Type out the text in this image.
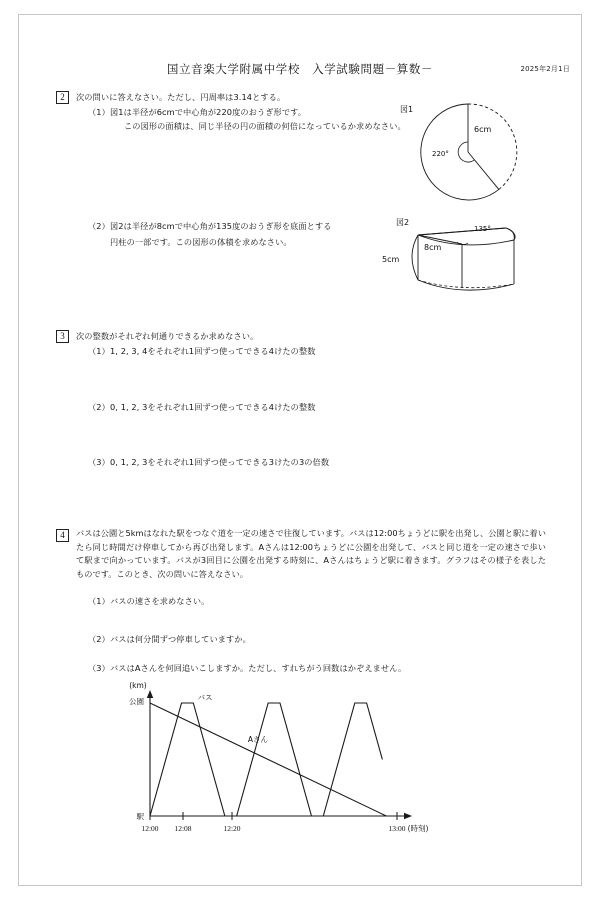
国立音楽大学附属中学校　入学試験問題－算数－	2025年2月1日
2	次の問いに答えなさい。ただし、円周率は3.14とする。
（1） 図1は半径が6cmで中心角が220度のおうぎ形です。
この図形の面積は、同じ半径の円の面積の何倍になっているか求めなさい。
（2） 図2は半径が8cmで中心角が135度のおうぎ形を底面とする
円柱の一部です。この図形の体積を求めなさい。
図1
6cm
220°
図2
135°
8cm
5cm
3	次の整数がそれぞれ何通りできるか求めなさい。
（1） 1, 2, 3, 4をそれぞれ1回ずつ使ってできる4けたの整数
（2） 0, 1, 2, 3をそれぞれ1回ずつ使ってできる4けたの整数
（3） 0, 1, 2, 3をそれぞれ1回ずつ使ってできる3けたの3の倍数
4	バスは公園と5kmはなれた駅をつなぐ道を一定の速さで往復しています。バスは12:00ちょうどに駅を出発し、公園と駅に着いたら同じ時間だけ停車してから再び出発します。Aさんは12:00ちょうどに公園を出発して、バスと同じ道を一定の速さで歩いて駅まで向かっています。バスが3回目に公園を出発する時刻に、Aさんはちょうど駅に着きます。グラフはその様子を表したものです。このとき、次の問いに答えなさい。
（1） バスの速さを求めなさい。
（2） バスは何分間ずつ停車していますか。
（3） バスはAさんを何回追いこしますか。ただし、すれちがう回数はかぞえません。
(km)
公園
駅
12:00 12:08	12:20	13:00 (時刻)
バス
Aさん
